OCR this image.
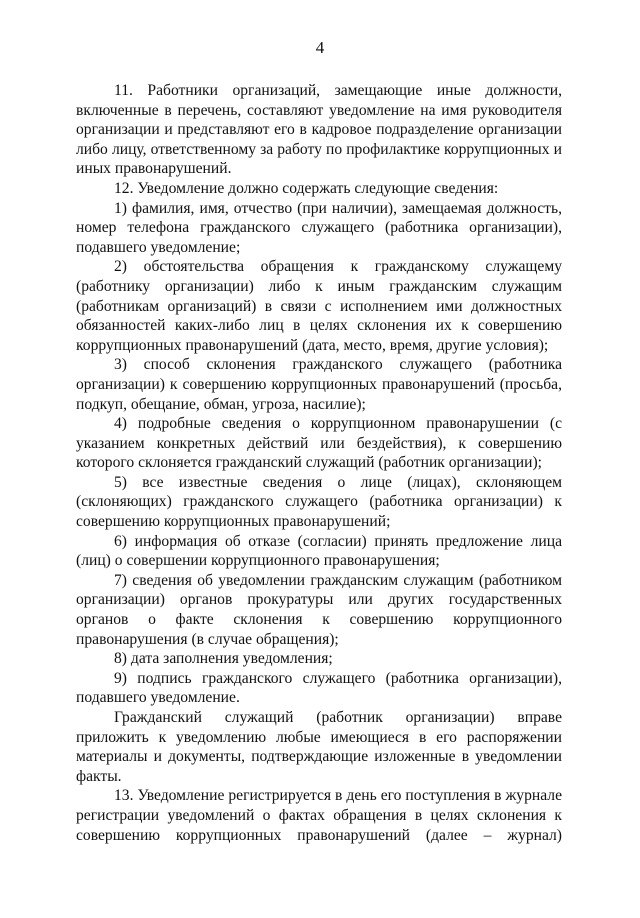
4

11. Работники организаций, замещающие иные должности, включенные в перечень, составляют уведомление на имя руководителя организации и представляют его в кадровое подразделение организации либо лицу, ответственному за работу по профилактике коррупционных и иных правонарушений.

12. Уведомление должно содержать следующие сведения:

1) фамилия, имя, отчество (при наличии), замещаемая должность, номер телефона гражданского служащего (работника организации), подавшего уведомление;

2) обстоятельства обращения к гражданскому служащему (работнику организации) либо к иным гражданским служащим (работникам организаций) в связи с исполнением ими должностных обязанностей каких-либо лиц в целях склонения их к совершению коррупционных правонарушений (дата, место, время, другие условия);

3) способ склонения гражданского служащего (работника организации) к совершению коррупционных правонарушений (просьба, подкуп, обещание, обман, угроза, насилие);

4) подробные сведения о коррупционном правонарушении (с указанием конкретных действий или бездействия), к совершению которого склоняется гражданский служащий (работник организации);

5) все известные сведения о лице (лицах), склоняющем (склоняющих) гражданского служащего (работника организации) к совершению коррупционных правонарушений;

6) информация об отказе (согласии) принять предложение лица (лиц) о совершении коррупционного правонарушения;

7) сведения об уведомлении гражданским служащим (работником организации) органов прокуратуры или других государственных органов о факте склонения к совершению коррупционного правонарушения (в случае обращения);

8) дата заполнения уведомления;

9) подпись гражданского служащего (работника организации), подавшего уведомление.

Гражданский служащий (работник организации) вправе приложить к уведомлению любые имеющиеся в его распоряжении материалы и документы, подтверждающие изложенные в уведомлении факты.

13. Уведомление регистрируется в день его поступления в журнале регистрации уведомлений о фактах обращения в целях склонения к совершению коррупционных правонарушений (далее – журнал)
